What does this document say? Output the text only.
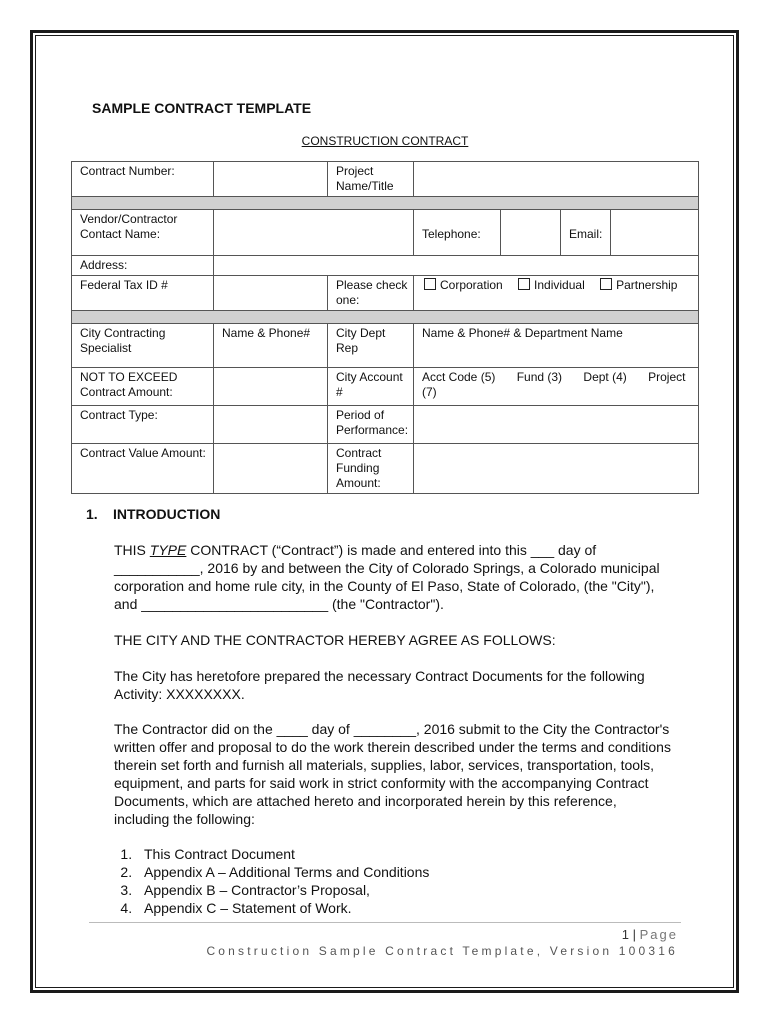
SAMPLE CONTRACT TEMPLATE
CONSTRUCTION CONTRACT
Contract Number:		Project Name/Title				

Vendor/Contractor Contact Name:			Telephone:		Email:	
Address:						
Federal Tax ID #		Please check one:	Corporation Individual Partnership			

City Contracting Specialist	Name & Phone#	City Dept Rep	Name & Phone# & Department Name			
NOT TO EXCEED Contract Amount:		City Account #	Acct Code (5) Fund (3) Dept (4) Project (7)			
Contract Type:		Period of Performance:				
Contract Value Amount:		Contract Funding Amount:				
1. INTRODUCTION

THIS TYPE CONTRACT (“Contract”) is made and entered into this ___ day of ___________, 2016 by and between the City of Colorado Springs, a Colorado municipal corporation and home rule city, in the County of El Paso, State of Colorado, (the "City"), and ________________________ (the "Contractor").

THE CITY AND THE CONTRACTOR HEREBY AGREE AS FOLLOWS:
The City has heretofore prepared the necessary Contract Documents for the following Activity: XXXXXXXX.
The Contractor did on the ____ day of ________, 2016 submit to the City the Contractor's written offer and proposal to do the work therein described under the terms and conditions therein set forth and furnish all materials, supplies, labor, services, transportation, tools, equipment, and parts for said work in strict conformity with the accompanying Contract Documents, which are attached hereto and incorporated herein by this reference, including the following:
1. This Contract Document
2. Appendix A – Additional Terms and Conditions
3. Appendix B – Contractor’s Proposal,
4. Appendix C – Statement of Work.
1 | Page
Construction Sample Contract Template, Version 100316
